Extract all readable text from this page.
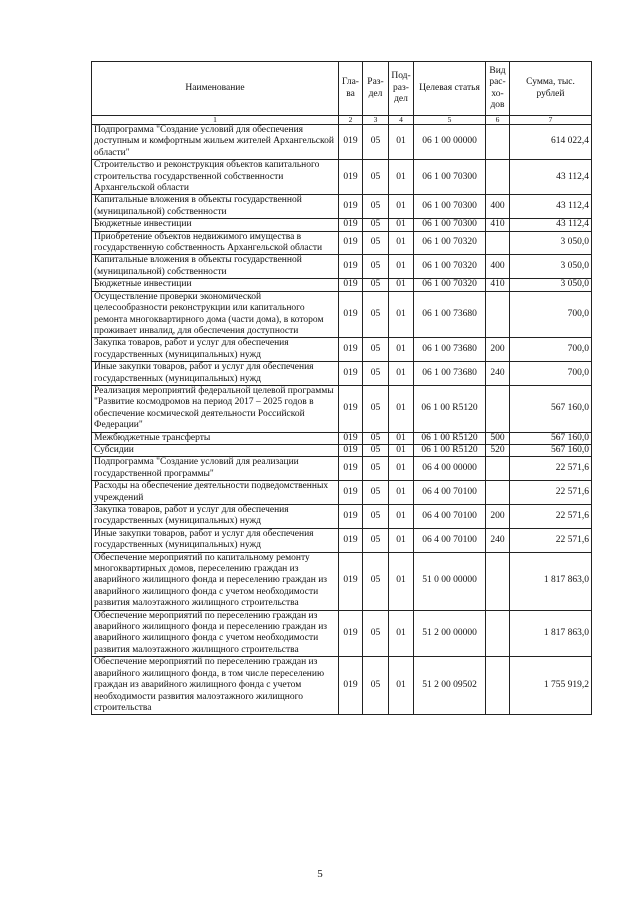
Наименование	Гла-ва	Раз-дел	Под-раз-дел	Целевая статья	Вид рас-хо-дов	Сумма, тыс. рублей
1	2	3	4	5	6	7
Подпрограмма "Создание условий для обеспечения доступным и комфортным жильем жителей Архангельской области"	019	05	01	06 1 00 00000		614 022,4
Строительство и реконструкция объектов капитального строительства государственной собственности Архангельской области	019	05	01	06 1 00 70300		43 112,4
Капитальные вложения в объекты государственной (муниципальной) собственности	019	05	01	06 1 00 70300	400	43 112,4
Бюджетные инвестиции	019	05	01	06 1 00 70300	410	43 112,4
Приобретение объектов недвижимого имущества в государственную собственность Архангельской области	019	05	01	06 1 00 70320		3 050,0
Капитальные вложения в объекты государственной (муниципальной) собственности	019	05	01	06 1 00 70320	400	3 050,0
Бюджетные инвестиции	019	05	01	06 1 00 70320	410	3 050,0
Осуществление проверки экономической целесообразности реконструкции или капитального ремонта многоквартирного дома (части дома), в котором проживает инвалид, для обеспечения доступности	019	05	01	06 1 00 73680		700,0
Закупка товаров, работ и услуг для обеспечения государственных (муниципальных) нужд	019	05	01	06 1 00 73680	200	700,0
Иные закупки товаров, работ и услуг для обеспечения государственных (муниципальных) нужд	019	05	01	06 1 00 73680	240	700,0
Реализация мероприятий федеральной целевой программы "Развитие космодромов на период 2017 – 2025 годов в обеспечение космической деятельности Российской Федерации"	019	05	01	06 1 00 R5120		567 160,0
Межбюджетные трансферты	019	05	01	06 1 00 R5120	500	567 160,0
Субсидии	019	05	01	06 1 00 R5120	520	567 160,0
Подпрограмма "Создание условий для реализации государственной программы"	019	05	01	06 4 00 00000		22 571,6
Расходы на обеспечение деятельности подведомственных учреждений	019	05	01	06 4 00 70100		22 571,6
Закупка товаров, работ и услуг для обеспечения государственных (муниципальных) нужд	019	05	01	06 4 00 70100	200	22 571,6
Иные закупки товаров, работ и услуг для обеспечения государственных (муниципальных) нужд	019	05	01	06 4 00 70100	240	22 571,6
Обеспечение мероприятий по капитальному ремонту многоквартирных домов, переселению граждан из аварийного жилищного фонда и переселению граждан из аварийного жилищного фонда с учетом необходимости развития малоэтажного жилищного строительства	019	05	01	51 0 00 00000		1 817 863,0
Обеспечение мероприятий по переселению граждан из аварийного жилищного фонда и переселению граждан из аварийного жилищного фонда с учетом необходимости развития малоэтажного жилищного строительства	019	05	01	51 2 00 00000		1 817 863,0
Обеспечение мероприятий по переселению граждан из аварийного жилищного фонда, в том числе переселению граждан из аварийного жилищного фонда с учетом необходимости развития малоэтажного жилищного строительства	019	05	01	51 2 00 09502		1 755 919,2
5
